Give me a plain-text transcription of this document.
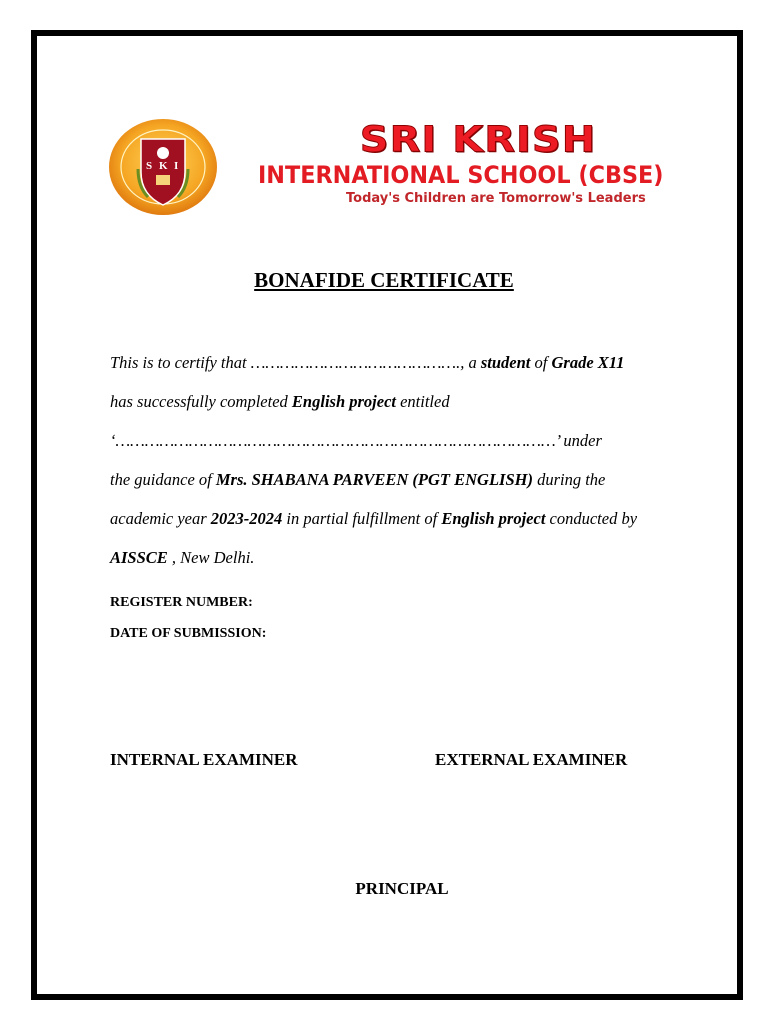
S K I
SRI KRISH
INTERNATIONAL SCHOOL (CBSE)
Today's Children are Tomorrow's Leaders
BONAFIDE CERTIFICATE
This is to certify that ……………………………………., a student of Grade X11
has successfully completed English project entitled
‘………………………………………………………………………………’ under
the guidance of Mrs. SHABANA PARVEEN (PGT ENGLISH) during the
academic year 2023-2024 in partial fulfillment of English project conducted by
AISSCE , New Delhi.
REGISTER NUMBER:
DATE OF SUBMISSION:
INTERNAL EXAMINER	EXTERNAL EXAMINER
PRINCIPAL
